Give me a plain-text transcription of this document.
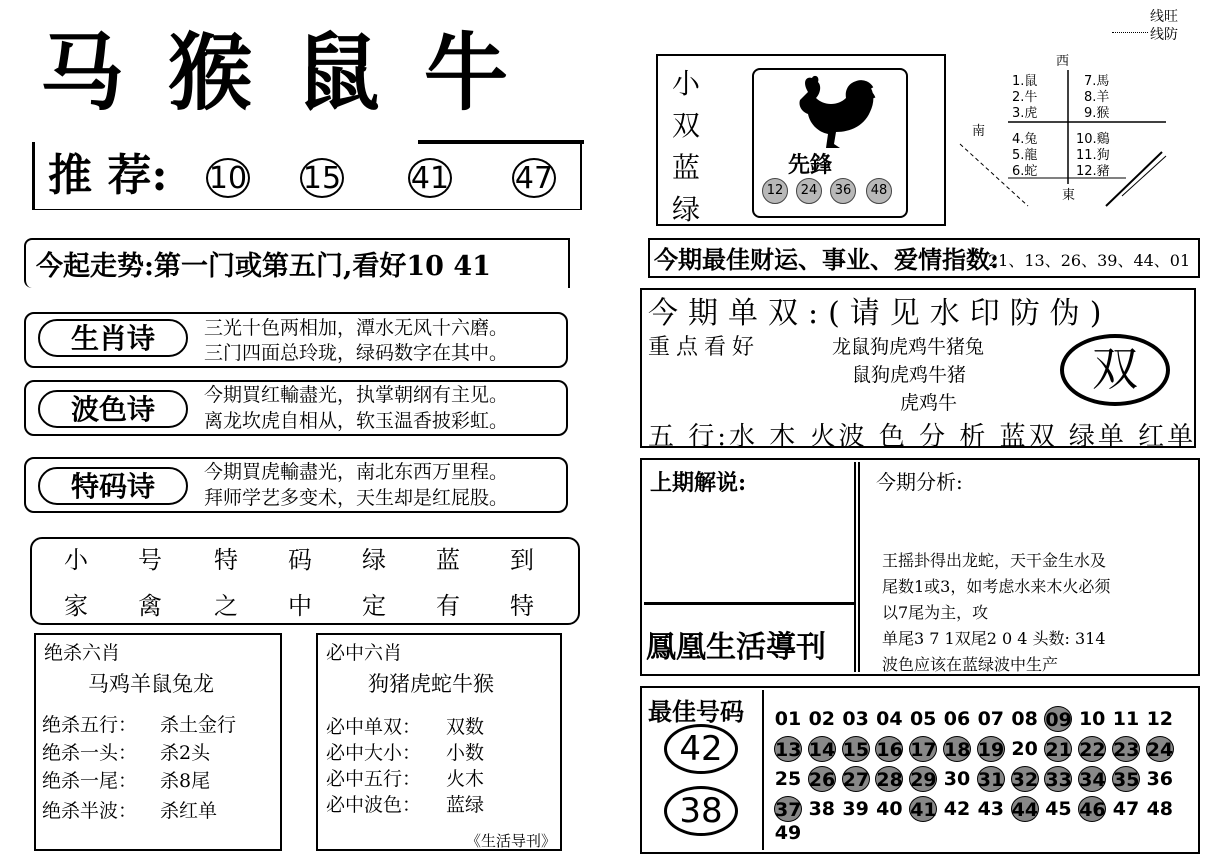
马猴鼠牛
推 荐: 10 15 41 47
今起走势:第一门或第五门,看好10 41
生肖诗	三光十色两相加，潭水无风十六磨。
三门四面总玲珑，绿码数字在其中。
波色诗	今期買红輸盡光，执掌朝纲有主见。
离龙坎虎自相从，软玉温香披彩虹。
特码诗	今期買虎輸盡光，南北东西万里程。
拜师学艺多变术，天生却是红屁股。
小	号	特	码	绿	蓝	到
家	禽	之	中	定	有	特
绝杀六肖
马鸡羊鼠兔龙
绝杀五行： 杀土金行
绝杀一头： 杀2头
绝杀一尾： 杀8尾
绝杀半波： 杀红单
必中六肖
狗猪虎蛇牛猴
必中单双： 双数
必中大小： 小数
必中五行： 火木
必中波色： 蓝绿
《生活导刊》
线旺
线防
小
双
蓝
绿
先鋒
12	24	36	48
西
南
東
1.鼠
2.牛
3.虎
4.兔
5.龍
6.蛇
7.馬
8.羊
9.猴
10.鷄
11.狗
12.豬
今期最佳财运、事业、爱情指数:
21、13、26、39、44、01
今期单双:(请见水印防伪)
重点看好	龙鼠狗虎鸡牛猪兔
鼠狗虎鸡牛猪
虎鸡牛
双
五 行:水 木 火波 色 分 析 蓝双 绿单 红单
上期解说:
鳳凰生活導刊
今期分析:
王摇卦得出龙蛇，天干金生水及
尾数1或3，如考虑水来木火必须
以7尾为主，攻
单尾3 7 1双尾2 0 4 头数: 314
波色应该在蓝绿波中生产
最佳号码
42
38
01 02 03 04 05 06 07 08 09 10 11 12
13 14 15 16 17 18 19 20 21 22 23 24
25 26 27 28 29 30 31 32 33 34 35 36
37 38 39 40 41 42 43 44 45 46 47 48
49
